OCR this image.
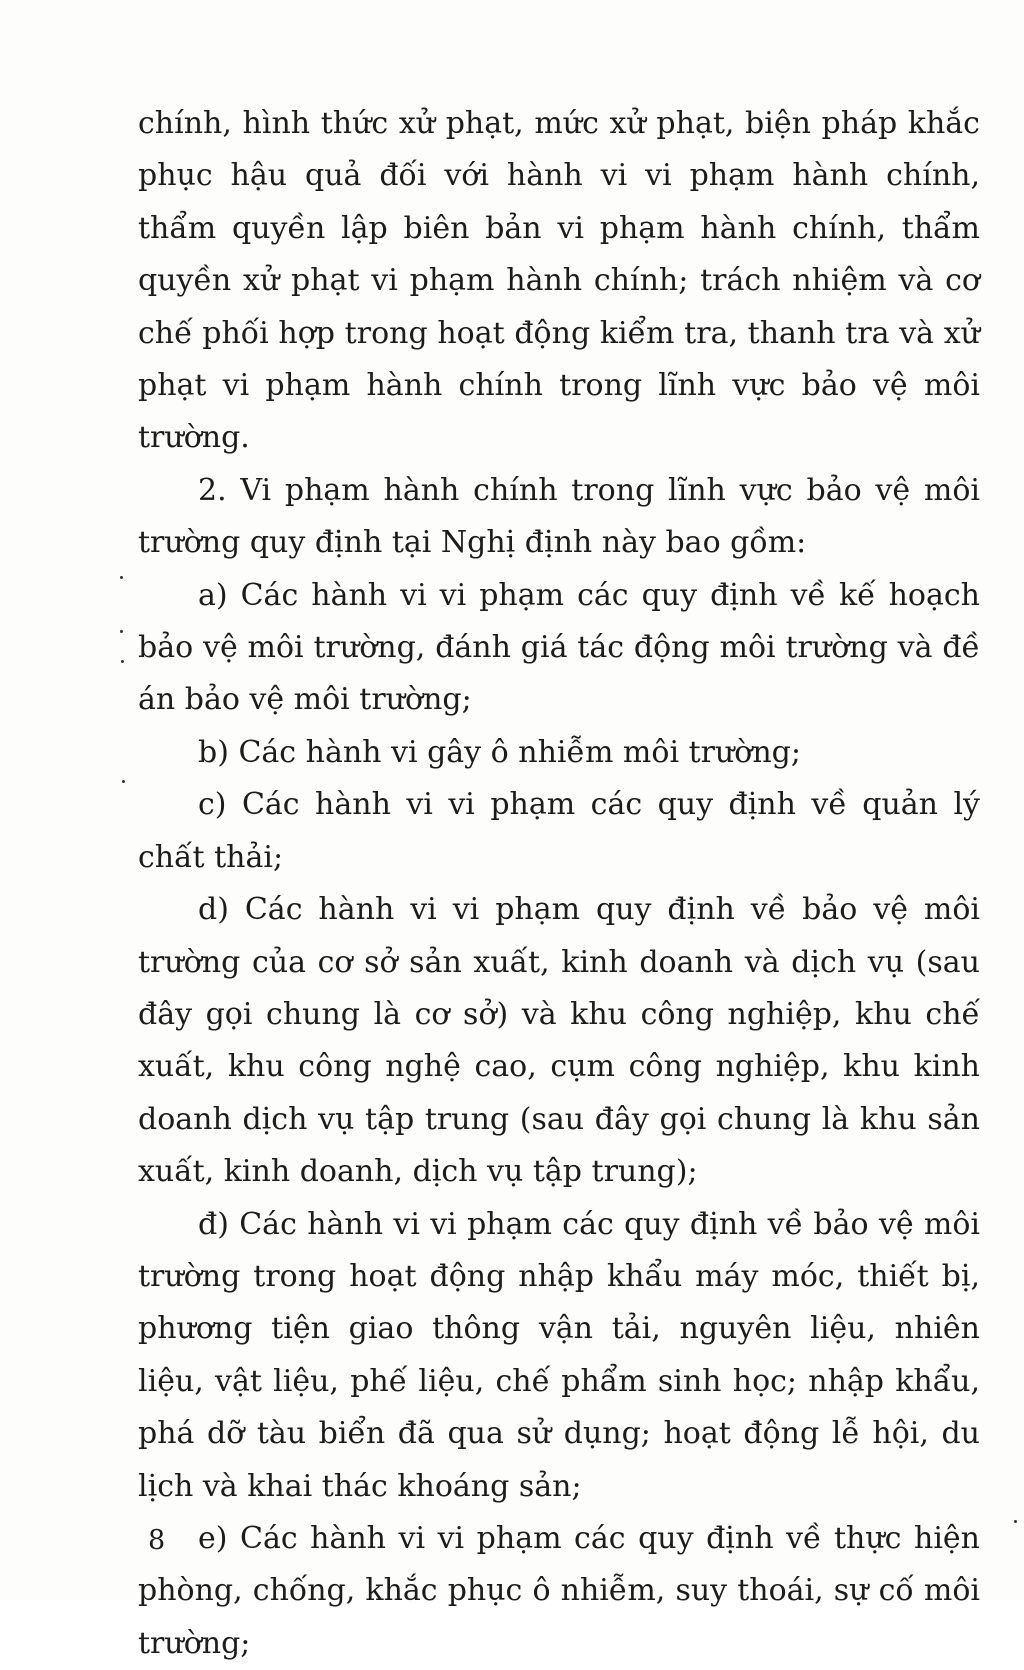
chính, hình thức xử phạt, mức xử phạt, biện pháp khắc phục hậu quả đối với hành vi vi phạm hành chính, thẩm quyền lập biên bản vi phạm hành chính, thẩm quyền xử phạt vi phạm hành chính; trách nhiệm và cơ chế phối hợp trong hoạt động kiểm tra, thanh tra và xử phạt vi phạm hành chính trong lĩnh vực bảo vệ môi trường.

2. Vi phạm hành chính trong lĩnh vực bảo vệ môi trường quy định tại Nghị định này bao gồm:

a) Các hành vi vi phạm các quy định về kế hoạch bảo vệ môi trường, đánh giá tác động môi trường và đề án bảo vệ môi trường;

b) Các hành vi gây ô nhiễm môi trường;

c) Các hành vi vi phạm các quy định về quản lý chất thải;

d) Các hành vi vi phạm quy định về bảo vệ môi trường của cơ sở sản xuất, kinh doanh và dịch vụ (sau đây gọi chung là cơ sở) và khu công nghiệp, khu chế xuất, khu công nghệ cao, cụm công nghiệp, khu kinh doanh dịch vụ tập trung (sau đây gọi chung là khu sản xuất, kinh doanh, dịch vụ tập trung);

đ) Các hành vi vi phạm các quy định về bảo vệ môi trường trong hoạt động nhập khẩu máy móc, thiết bị, phương tiện giao thông vận tải, nguyên liệu, nhiên liệu, vật liệu, phế liệu, chế phẩm sinh học; nhập khẩu, phá dỡ tàu biển đã qua sử dụng; hoạt động lễ hội, du lịch và khai thác khoáng sản;

e) Các hành vi vi phạm các quy định về thực hiện phòng, chống, khắc phục ô nhiễm, suy thoái, sự cố môi trường;

8
